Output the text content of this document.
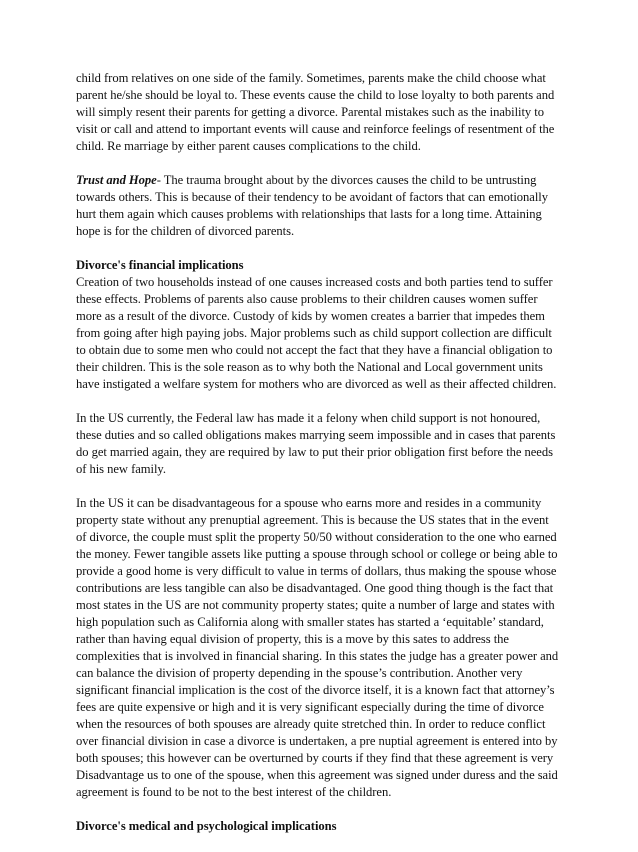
child from relatives on one side of the family. Sometimes, parents make the child choose what parent he/she should be loyal to. These events cause the child to lose loyalty to both parents and will simply resent their parents for getting a divorce. Parental mistakes such as the inability to visit or call and attend to important events will cause and reinforce feelings of resentment of the child. Re marriage by either parent causes complications to the child.

Trust and Hope- The trauma brought about by the divorces causes the child to be untrusting towards others. This is because of their tendency to be avoidant of factors that can emotionally hurt them again which causes problems with relationships that lasts for a long time. Attaining hope is for the children of divorced parents.

Divorce's financial implications
Creation of two households instead of one causes increased costs and both parties tend to suffer these effects. Problems of parents also cause problems to their children causes women suffer more as a result of the divorce. Custody of kids by women creates a barrier that impedes them from going after high paying jobs. Major problems such as child support collection are difficult to obtain due to some men who could not accept the fact that they have a financial obligation to their children. This is the sole reason as to why both the National and Local government units have instigated a welfare system for mothers who are divorced as well as their affected children.

In the US currently, the Federal law has made it a felony when child support is not honoured, these duties and so called obligations makes marrying seem impossible and in cases that parents do get married again, they are required by law to put their prior obligation first before the needs of his new family.

In the US it can be disadvantageous for a spouse who earns more and resides in a community property state without any prenuptial agreement. This is because the US states that in the event of divorce, the couple must split the property 50/50 without consideration to the one who earned the money. Fewer tangible assets like putting a spouse through school or college or being able to provide a good home is very difficult to value in terms of dollars, thus making the spouse whose contributions are less tangible can also be disadvantaged. One good thing though is the fact that most states in the US are not community property states; quite a number of large and states with high population such as California along with smaller states has started a ‘equitable’ standard, rather than having equal division of property, this is a move by this sates to address the complexities that is involved in financial sharing. In this states the judge has a greater power and can balance the division of property depending in the spouse’s contribution. Another very significant financial implication is the cost of the divorce itself, it is a known fact that attorney’s fees are quite expensive or high and it is very significant especially during the time of divorce when the resources of both spouses are already quite stretched thin. In order to reduce conflict over financial division in case a divorce is undertaken, a pre nuptial agreement is entered into by both spouses; this however can be overturned by courts if they find that these agreement is very Disadvantage us to one of the spouse, when this agreement was signed under duress and the said agreement is found to be not to the best interest of the children.

Divorce's medical and psychological implications
